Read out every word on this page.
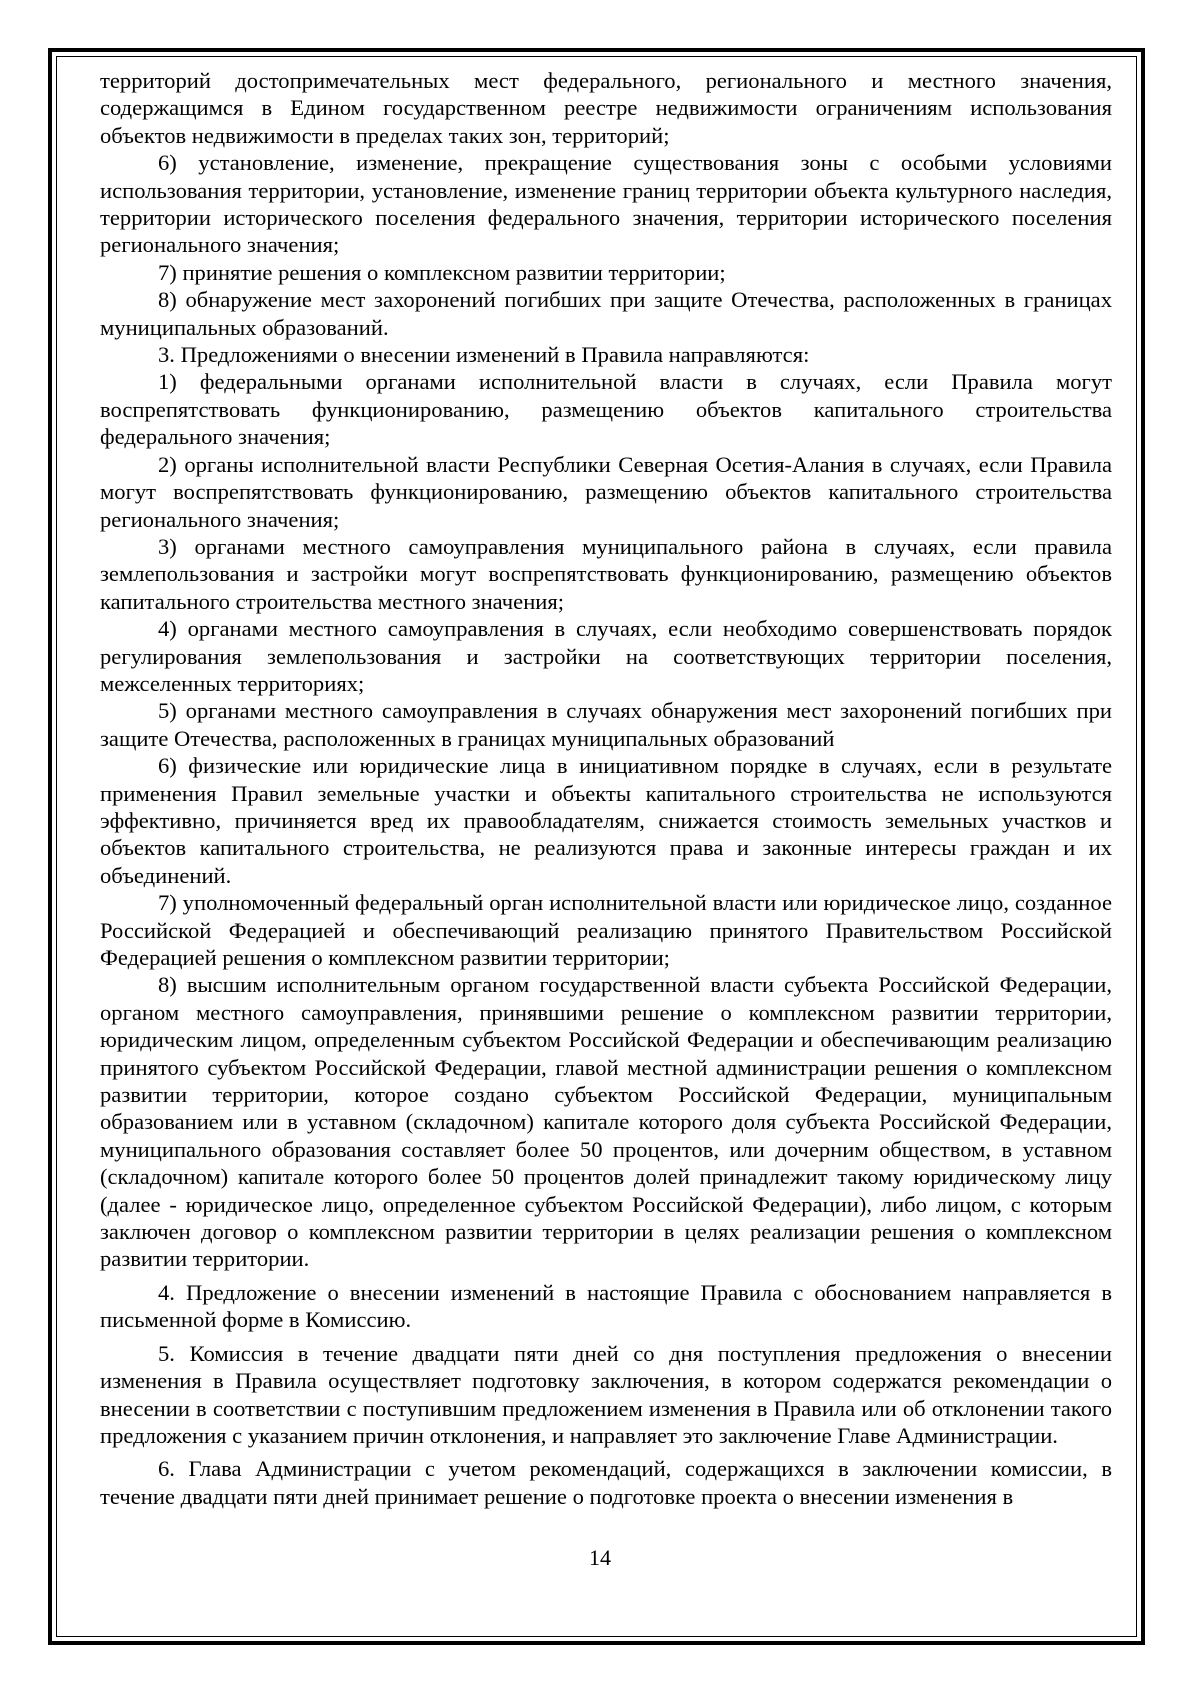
территорий достопримечательных мест федерального, регионального и местного значения, содержащимся в Едином государственном реестре недвижимости ограничениям использования объектов недвижимости в пределах таких зон, территорий;

6) установление, изменение, прекращение существования зоны с особыми условиями использования территории, установление, изменение границ территории объекта культурного наследия, территории исторического поселения федерального значения, территории исторического поселения регионального значения;

7) принятие решения о комплексном развитии территории;

8) обнаружение мест захоронений погибших при защите Отечества, расположенных в границах муниципальных образований.

3. Предложениями о внесении изменений в Правила направляются:

1) федеральными органами исполнительной власти в случаях, если Правила могут воспрепятствовать функционированию, размещению объектов капитального строительства федерального значения;

2) органы исполнительной власти Республики Северная Осетия-Алания в случаях, если Правила могут воспрепятствовать функционированию, размещению объектов капитального строительства регионального значения;

3) органами местного самоуправления муниципального района в случаях, если правила землепользования и застройки могут воспрепятствовать функционированию, размещению объектов капитального строительства местного значения;

4) органами местного самоуправления в случаях, если необходимо совершенствовать порядок регулирования землепользования и застройки на соответствующих территории поселения, межселенных территориях;

5) органами местного самоуправления в случаях обнаружения мест захоронений погибших при защите Отечества, расположенных в границах муниципальных образований

6) физические или юридические лица в инициативном порядке в случаях, если в результате применения Правил земельные участки и объекты капитального строительства не используются эффективно, причиняется вред их правообладателям, снижается стоимость земельных участков и объектов капитального строительства, не реализуются права и законные интересы граждан и их объединений.

7) уполномоченный федеральный орган исполнительной власти или юридическое лицо, созданное Российской Федерацией и обеспечивающий реализацию принятого Правительством Российской Федерацией решения о комплексном развитии территории;

8) высшим исполнительным органом государственной власти субъекта Российской Федерации, органом местного самоуправления, принявшими решение о комплексном развитии территории, юридическим лицом, определенным субъектом Российской Федерации и обеспечивающим реализацию принятого субъектом Российской Федерации, главой местной администрации решения о комплексном развитии территории, которое создано субъектом Российской Федерации, муниципальным образованием или в уставном (складочном) капитале которого доля субъекта Российской Федерации, муниципального образования составляет более 50 процентов, или дочерним обществом, в уставном (складочном) капитале которого более 50 процентов долей принадлежит такому юридическому лицу (далее - юридическое лицо, определенное субъектом Российской Федерации), либо лицом, с которым заключен договор о комплексном развитии территории в целях реализации решения о комплексном развитии территории.

4. Предложение о внесении изменений в настоящие Правила с обоснованием направляется в письменной форме в Комиссию.

5. Комиссия в течение двадцати пяти дней со дня поступления предложения о внесении изменения в Правила осуществляет подготовку заключения, в котором содержатся рекомендации о внесении в соответствии с поступившим предложением изменения в Правила или об отклонении такого предложения с указанием причин отклонения, и направляет это заключение Главе Администрации.

6. Глава Администрации с учетом рекомендаций, содержащихся в заключении комиссии, в течение двадцати пяти дней принимает решение о подготовке проекта о внесении изменения в

14
